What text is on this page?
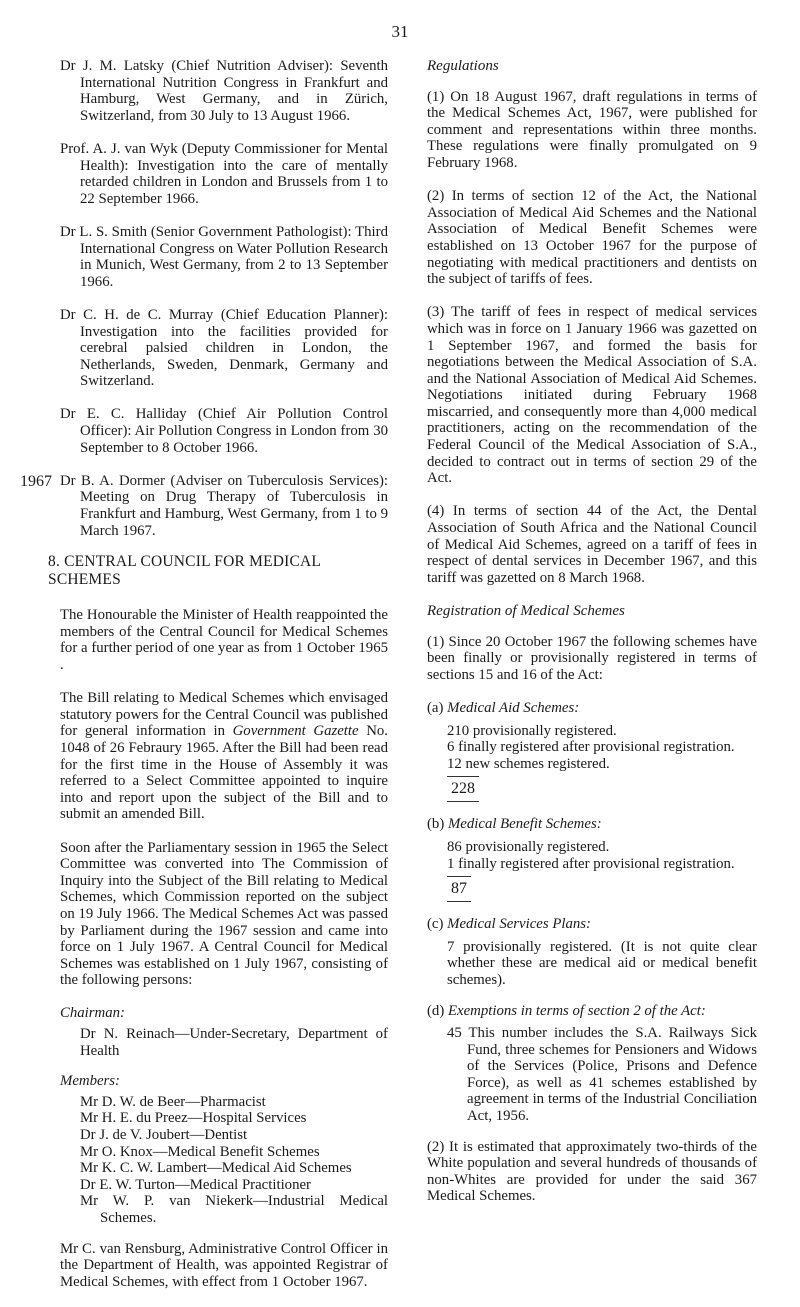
31

Dr J. M. Latsky (Chief Nutrition Adviser): Seventh International Nutrition Congress in Frankfurt and Hamburg, West Germany, and in Zürich, Switzerland, from 30 July to 13 August 1966.

Prof. A. J. van Wyk (Deputy Commissioner for Mental Health): Investigation into the care of mentally retarded children in London and Brussels from 1 to 22 September 1966.

Dr L. S. Smith (Senior Government Pathologist): Third International Congress on Water Pollution Research in Munich, West Germany, from 2 to 13 September 1966.

Dr C. H. de C. Murray (Chief Education Planner): Investigation into the facilities provided for cerebral palsied children in London, the Netherlands, Sweden, Denmark, Germany and Switzerland.

Dr E. C. Halliday (Chief Air Pollution Control Officer): Air Pollution Congress in London from 30 September to 8 October 1966.

1967 Dr B. A. Dormer (Adviser on Tuberculosis Services): Meeting on Drug Therapy of Tuberculosis in Frankfurt and Hamburg, West Germany, from 1 to 9 March 1967.
8. CENTRAL COUNCIL FOR MEDICAL SCHEMES

The Honourable the Minister of Health reappointed the members of the Central Council for Medical Schemes for a further period of one year as from 1 October 1965 .

The Bill relating to Medical Schemes which envisaged statutory powers for the Central Council was published for general information in Government Gazette No. 1048 of 26 Febraury 1965. After the Bill had been read for the first time in the House of Assembly it was referred to a Select Committee appointed to inquire into and report upon the subject of the Bill and to submit an amended Bill.

Soon after the Parliamentary session in 1965 the Select Committee was converted into The Commission of Inquiry into the Subject of the Bill relating to Medical Schemes, which Commission reported on the subject on 19 July 1966. The Medical Schemes Act was passed by Parliament during the 1967 session and came into force on 1 July 1967. A Central Council for Medical Schemes was established on 1 July 1967, consisting of the following persons:

Chairman:

Dr N. Reinach—Under-Secretary, Department of Health

Members:

Mr D. W. de Beer—Pharmacist

Mr H. E. du Preez—Hospital Services

Dr J. de V. Joubert—Dentist

Mr O. Knox—Medical Benefit Schemes

Mr K. C. W. Lambert—Medical Aid Schemes

Dr E. W. Turton—Medical Practitioner

Mr W. P. van Niekerk—Industrial Medical Schemes.

Mr C. van Rensburg, Administrative Control Officer in the Department of Health, was appointed Registrar of Medical Schemes, with effect from 1 October 1967.

Regulations

(1) On 18 August 1967, draft regulations in terms of the Medical Schemes Act, 1967, were published for comment and representations within three months. These regulations were finally promulgated on 9 February 1968.

(2) In terms of section 12 of the Act, the National Association of Medical Aid Schemes and the National Association of Medical Benefit Schemes were established on 13 October 1967 for the purpose of negotiating with medical practitioners and dentists on the subject of tariffs of fees.

(3) The tariff of fees in respect of medical services which was in force on 1 January 1966 was gazetted on 1 September 1967, and formed the basis for negotiations between the Medical Association of S.A. and the National Association of Medical Aid Schemes. Negotiations initiated during February 1968 miscarried, and consequently more than 4,000 medical practitioners, acting on the recommendation of the Federal Council of the Medical Association of S.A., decided to contract out in terms of section 29 of the Act.

(4) In terms of section 44 of the Act, the Dental Association of South Africa and the National Council of Medical Aid Schemes, agreed on a tariff of fees in respect of dental services in December 1967, and this tariff was gazetted on 8 March 1968.

Registration of Medical Schemes

(1) Since 20 October 1967 the following schemes have been finally or provisionally registered in terms of sections 15 and 16 of the Act:

(a) Medical Aid Schemes:

210 provisionally registered.

6 finally registered after provisional registration.

12 new schemes registered.

228

(b) Medical Benefit Schemes:

86 provisionally registered.

1 finally registered after provisional registration.

87

(c) Medical Services Plans:

7 provisionally registered. (It is not quite clear whether these are medical aid or medical benefit schemes).

(d) Exemptions in terms of section 2 of the Act:

45 This number includes the S.A. Railways Sick Fund, three schemes for Pensioners and Widows of the Services (Police, Prisons and Defence Force), as well as 41 schemes established by agreement in terms of the Industrial Conciliation Act, 1956.

(2) It is estimated that approximately two-thirds of the White population and several hundreds of thousands of non-Whites are provided for under the said 367 Medical Schemes.
